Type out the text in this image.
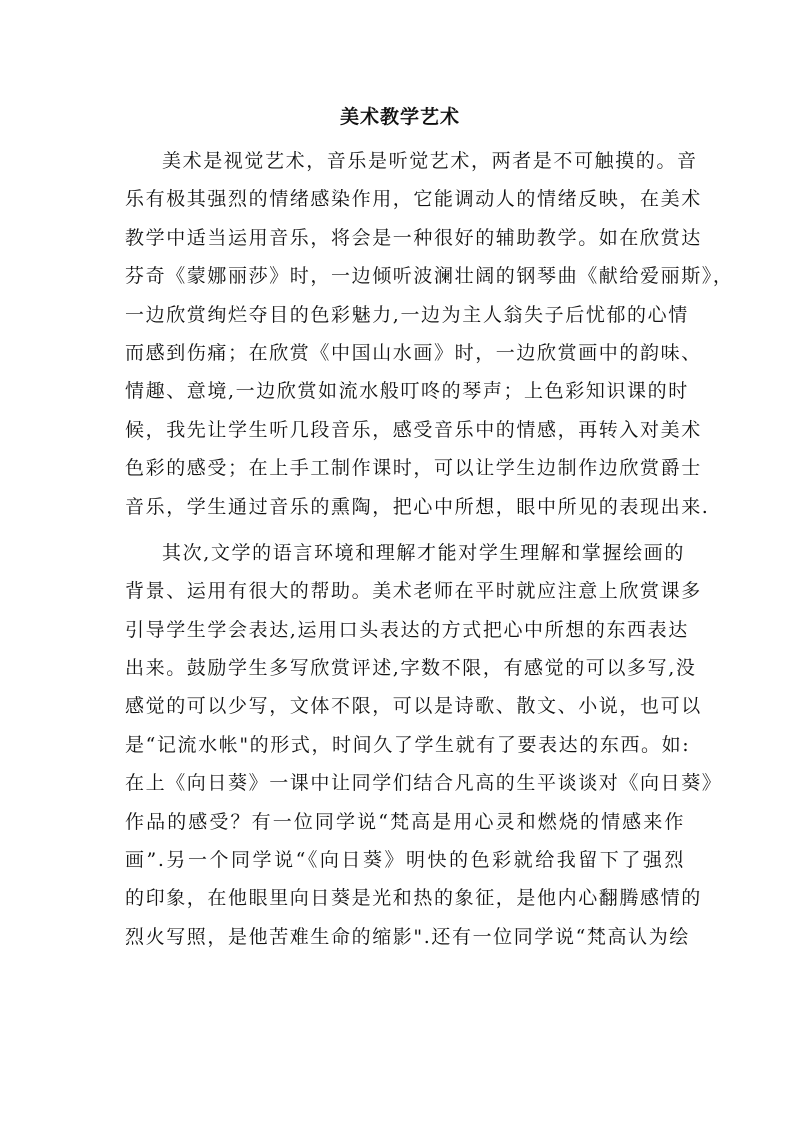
美术教学艺术
美术是视觉艺术，音乐是听觉艺术，两者是不可触摸的。音
乐有极其强烈的情绪感染作用，它能调动人的情绪反映，在美术
教学中适当运用音乐，将会是一种很好的辅助教学。如在欣赏达
芬奇《蒙娜丽莎》时，一边倾听波澜壮阔的钢琴曲《献给爱丽斯》，
一边欣赏绚烂夺目的色彩魅力,一边为主人翁失子后忧郁的心情
而感到伤痛；在欣赏《中国山水画》时，一边欣赏画中的韵味、
情趣、意境,一边欣赏如流水般叮咚的琴声；上色彩知识课的时
候，我先让学生听几段音乐，感受音乐中的情感，再转入对美术
色彩的感受；在上手工制作课时，可以让学生边制作边欣赏爵士
音乐，学生通过音乐的熏陶，把心中所想，眼中所见的表现出来.
其次,文学的语言环境和理解才能对学生理解和掌握绘画的
背景、运用有很大的帮助。美术老师在平时就应注意上欣赏课多
引导学生学会表达,运用口头表达的方式把心中所想的东西表达
出来。鼓励学生多写欣赏评述,字数不限，有感觉的可以多写,没
感觉的可以少写，文体不限，可以是诗歌、散文、小说，也可以
是“记流水帐"的形式，时间久了学生就有了要表达的东西。如:
在上《向日葵》一课中让同学们结合凡高的生平谈谈对《向日葵》
作品的感受？有一位同学说“梵高是用心灵和燃烧的情感来作
画”.另一个同学说“《向日葵》明快的色彩就给我留下了强烈
的印象，在他眼里向日葵是光和热的象征，是他内心翻腾感情的
烈火写照，是他苦难生命的缩影".还有一位同学说“梵高认为绘
